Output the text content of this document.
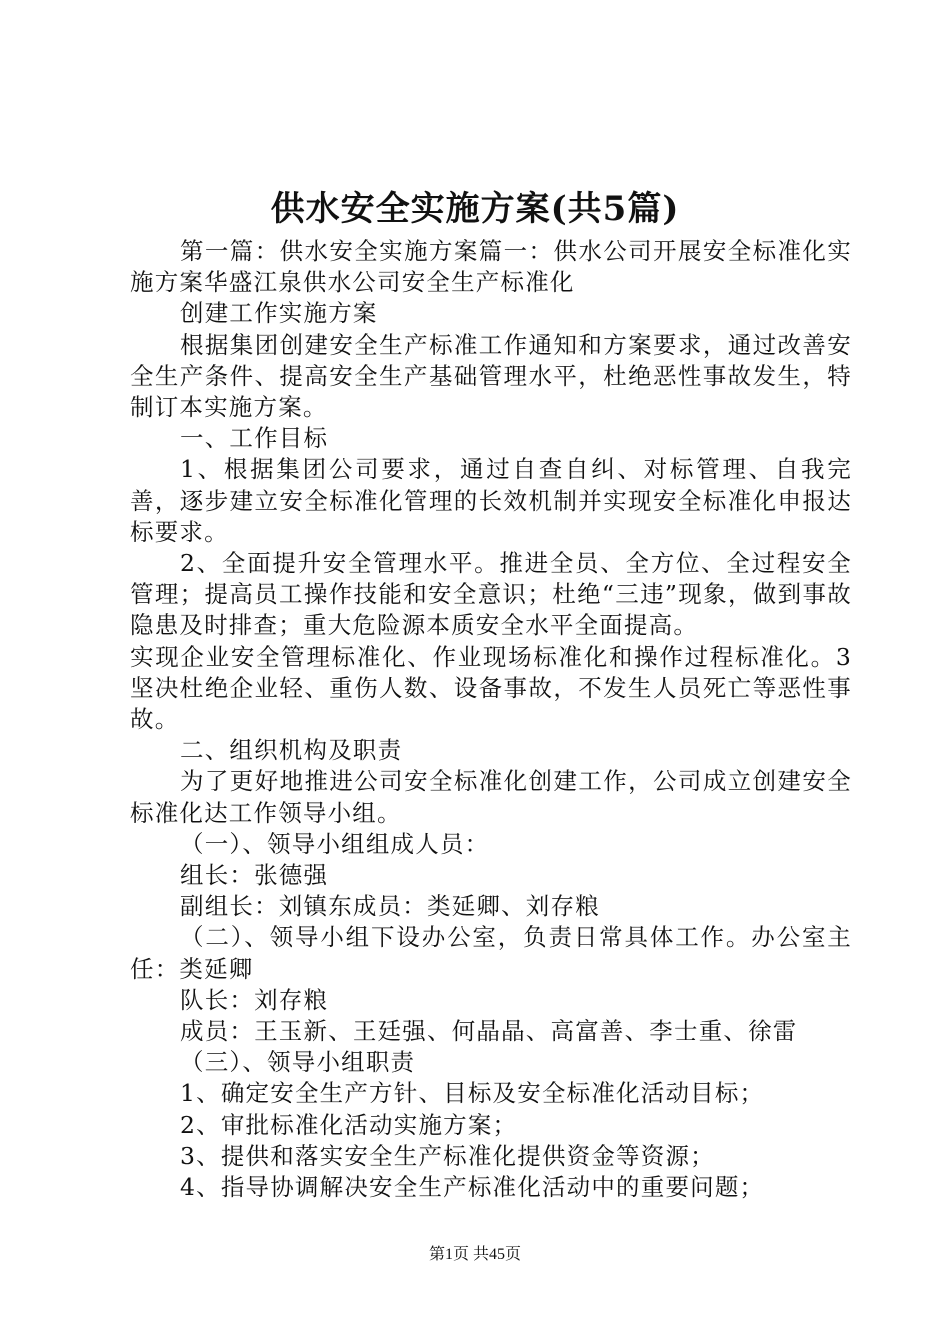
供水安全实施方案(共5篇)

第一篇：供水安全实施方案篇一：供水公司开展安全标准化实施方案华盛江泉供水公司安全生产标准化

创建工作实施方案

根据集团创建安全生产标准工作通知和方案要求，通过改善安全生产条件、提高安全生产基础管理水平，杜绝恶性事故发生，特制订本实施方案。

一、工作目标

1、根据集团公司要求，通过自查自纠、对标管理、自我完善，逐步建立安全标准化管理的长效机制并实现安全标准化申报达标要求。

2、全面提升安全管理水平。推进全员、全方位、全过程安全管理；提高员工操作技能和安全意识；杜绝“三违”现象，做到事故隐患及时排查；重大危险源本质安全水平全面提高。

实现企业安全管理标准化、作业现场标准化和操作过程标准化。3坚决杜绝企业轻、重伤人数、设备事故，不发生人员死亡等恶性事故。

二、组织机构及职责

为了更好地推进公司安全标准化创建工作，公司成立创建安全标准化达工作领导小组。

（一）、领导小组组成人员：

组长：张德强

副组长：刘镇东成员：类延卿、刘存粮

（二）、领导小组下设办公室，负责日常具体工作。办公室主任：类延卿

队长：刘存粮

成员：王玉新、王廷强、何晶晶、高富善、李士重、徐雷

（三）、领导小组职责

1、确定安全生产方针、目标及安全标准化活动目标；

2、审批标准化活动实施方案；

3、提供和落实安全生产标准化提供资金等资源；

4、指导协调解决安全生产标准化活动中的重要问题；

第1页 共45页
